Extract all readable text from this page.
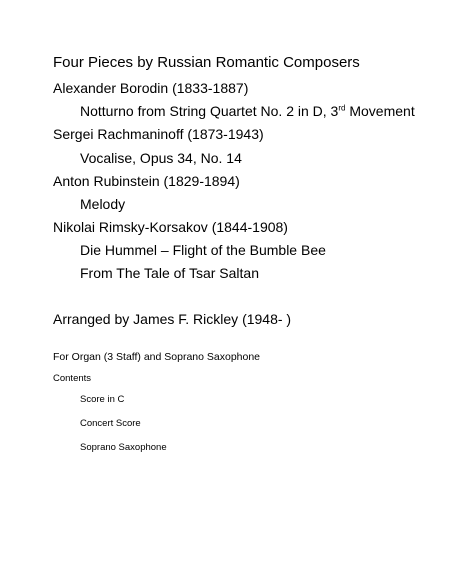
Four Pieces by Russian Romantic Composers
Alexander Borodin (1833-1887)
Notturno from String Quartet No. 2 in D, 3rd Movement
Sergei Rachmaninoff (1873-1943)
Vocalise, Opus 34, No. 14
Anton Rubinstein (1829-1894)
Melody
Nikolai Rimsky-Korsakov (1844-1908)
Die Hummel – Flight of the Bumble Bee
From The Tale of Tsar Saltan
Arranged by James F. Rickley (1948- )
For Organ (3 Staff) and Soprano Saxophone
Contents
Score in C
Concert Score
Soprano Saxophone
